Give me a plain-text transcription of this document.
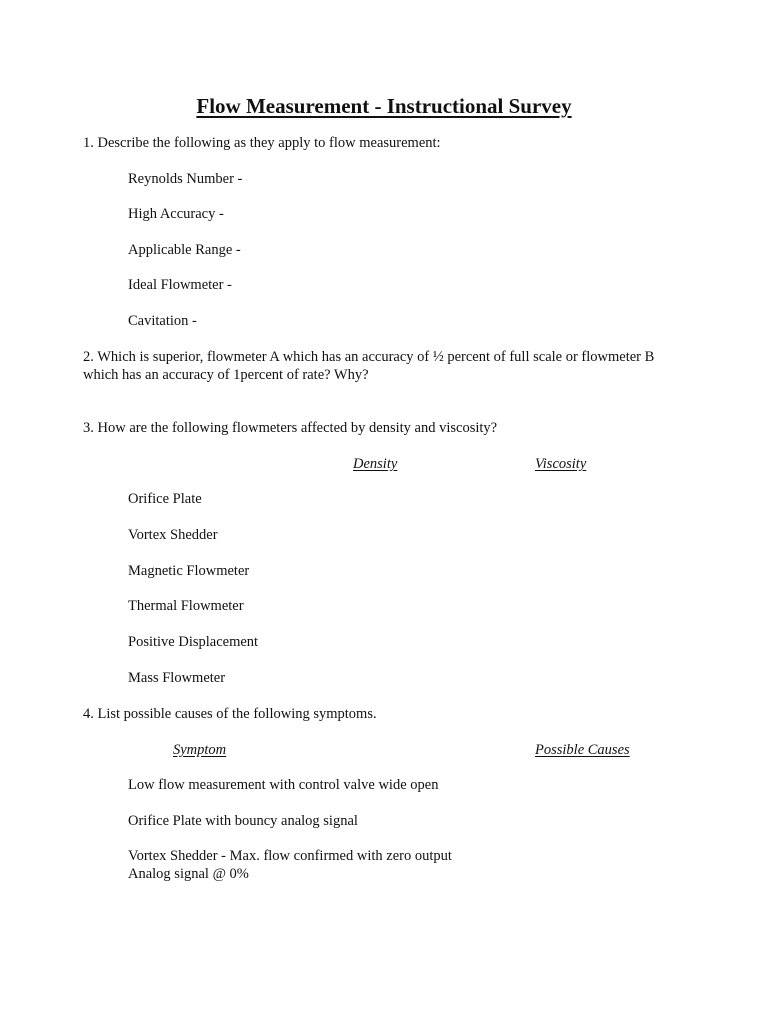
Flow Measurement - Instructional Survey
1. Describe the following as they apply to flow measurement:
Reynolds Number -
High Accuracy -
Applicable Range -
Ideal Flowmeter -
Cavitation -
2. Which is superior, flowmeter A which has an accuracy of ½ percent of full scale or flowmeter B
which has an accuracy of 1percent of rate? Why?
3. How are the following flowmeters affected by density and viscosity?
Density	Viscosity
Orifice Plate
Vortex Shedder
Magnetic Flowmeter
Thermal Flowmeter
Positive Displacement
Mass Flowmeter
4. List possible causes of the following symptoms.
Symptom	Possible Causes
Low flow measurement with control valve wide open
Orifice Plate with bouncy analog signal
Vortex Shedder - Max. flow confirmed with zero output
Analog signal @ 0%
